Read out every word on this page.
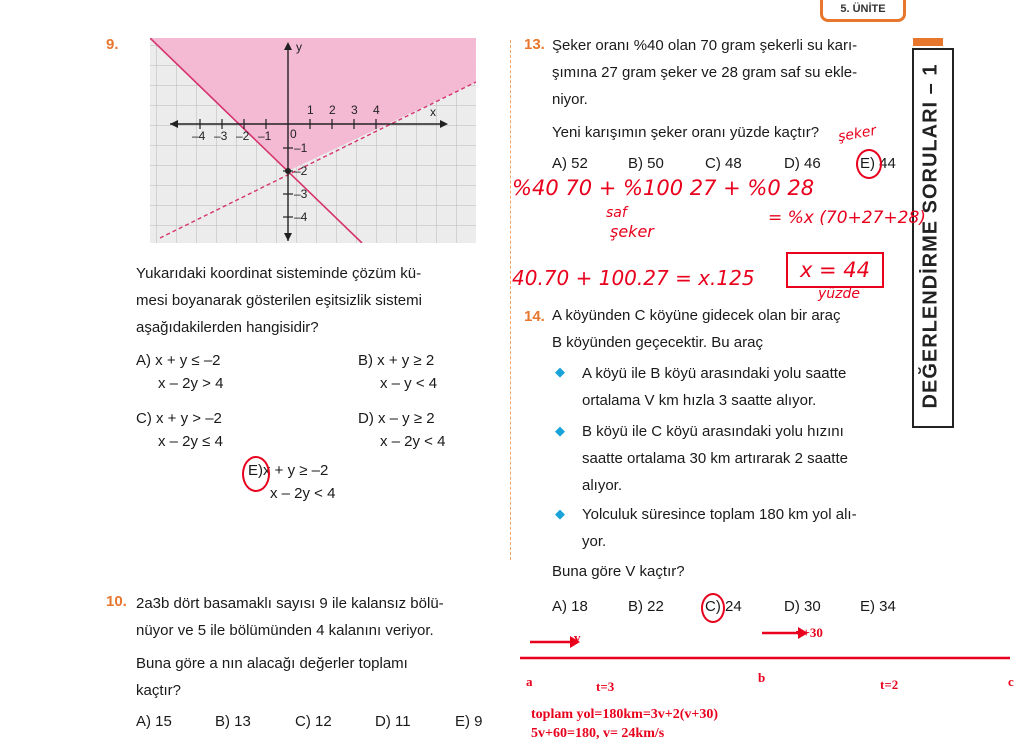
5. ÜNİTE
DEĞERLENDİRME SORULARI – 1
9.	y
x
0
1 2 3 4
–4 –3 –2 –1
–1
–2
–3
–4
Yukarıdaki koordinat sisteminde çözüm kü-
mesi boyanarak gösterilen eşitsizlik sistemi
aşağıdakilerden hangisidir?
A) x + y ≤ –2
x – 2y > 4
B) x + y ≥ 2
x – y < 4
C) x + y > –2
x – 2y ≤ 4
D) x – y ≥ 2
x – 2y < 4
E)x + y ≥ –2
x – 2y < 4
10. 2a3b dört basamaklı sayısı 9 ile kalansız bölü-
nüyor ve 5 ile bölümünden 4 kalanını veriyor.
Buna göre a nın alacağı değerler toplamı
kaçtır?
A) 15	B) 13	C) 12	D) 11	E) 9
13. Şeker oranı %40 olan 70 gram şekerli su karı-
şımına 27 gram şeker ve 28 gram saf su ekle-
niyor.
Yeni karışımın şeker oranı yüzde kaçtır?
A) 52	B) 50	C) 48	D) 46	E) 44
şeker
%40 70 + %100 27 + %0 28
saf
şeker
= %x (70+27+28)
40.70 + 100.27 = x.125	x = 44
yüzde
14. A köyünden C köyüne gidecek olan bir araç
B köyünden geçecektir. Bu araç
◆ A köyü ile B köyü arasındaki yolu saatte
ortalama V km hızla 3 saatte alıyor.
◆ B köyü ile C köyü arasındaki yolu hızını
saatte ortalama 30 km artırarak 2 saatte
alıyor.
◆ Yolculuk süresince toplam 180 km yol alı-
yor.
Buna göre V kaçtır?
A) 18	B) 22	C) 24	D) 30	E) 34
v	v+30
a	b	c
t=3	t=2
toplam yol=180km=3v+2(v+30)
5v+60=180, v= 24km/s
